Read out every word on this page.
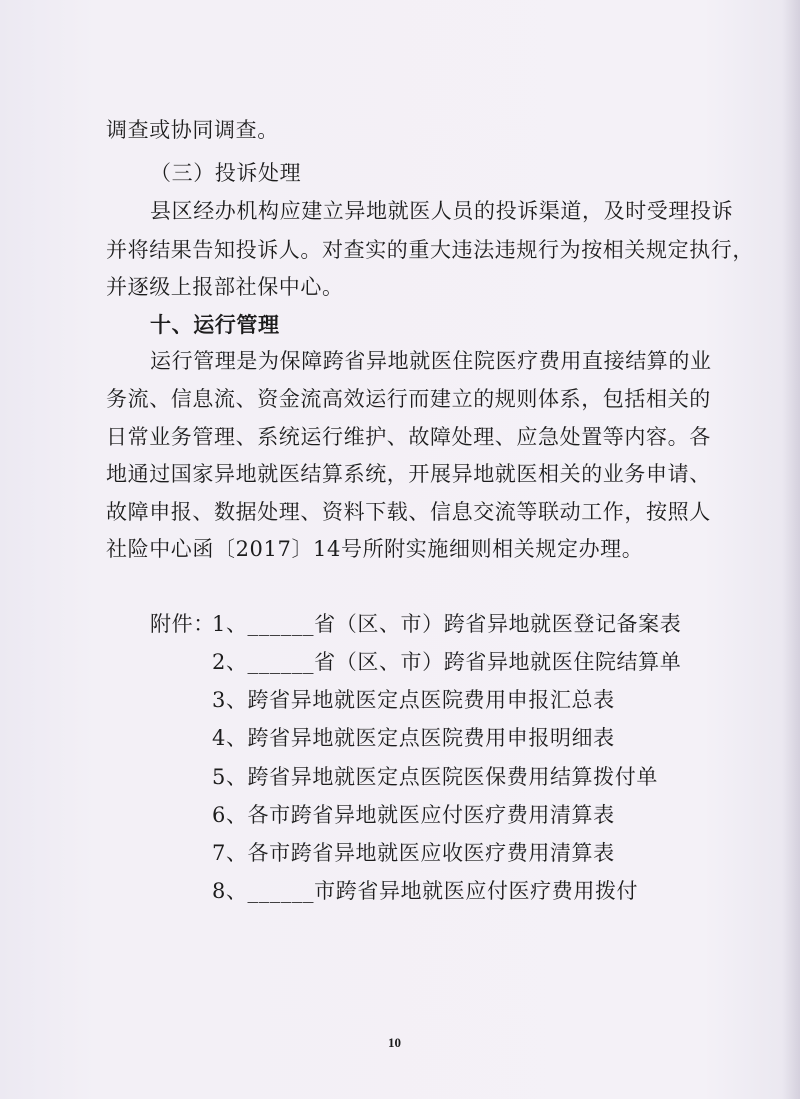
调查或协同调查。
（三）投诉处理
县区经办机构应建立异地就医人员的投诉渠道，及时受理投诉
并将结果告知投诉人。对查实的重大违法违规行为按相关规定执行，
并逐级上报部社保中心。
十、运行管理
运行管理是为保障跨省异地就医住院医疗费用直接结算的业
务流、信息流、资金流高效运行而建立的规则体系，包括相关的
日常业务管理、系统运行维护、故障处理、应急处置等内容。各
地通过国家异地就医结算系统，开展异地就医相关的业务申请、
故障申报、数据处理、资料下载、信息交流等联动工作，按照人
社险中心函〔2017〕14号所附实施细则相关规定办理。
附件：
1、______省（区、市）跨省异地就医登记备案表
2、______省（区、市）跨省异地就医住院结算单
3、跨省异地就医定点医院费用申报汇总表
4、跨省异地就医定点医院费用申报明细表
5、跨省异地就医定点医院医保费用结算拨付单
6、各市跨省异地就医应付医疗费用清算表
7、各市跨省异地就医应收医疗费用清算表
8、______市跨省异地就医应付医疗费用拨付
10
